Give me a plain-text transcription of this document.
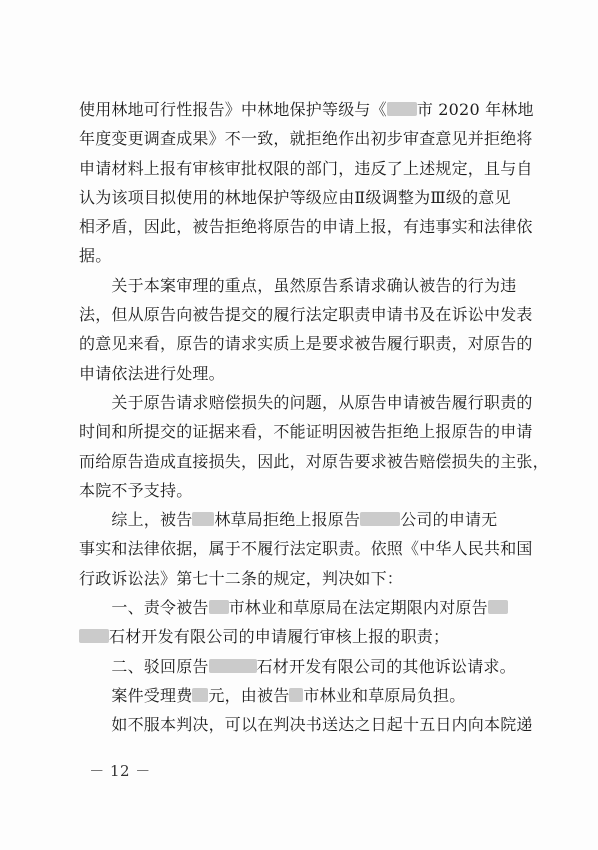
使用林地可行性报告》中林地保护等级与《 市 2020 年林地
年度变更调查成果》不一致，就拒绝作出初步审查意见并拒绝将
申请材料上报有审核审批权限的部门，违反了上述规定，且与自
认为该项目拟使用的林地保护等级应由Ⅱ级调整为Ⅲ级的意见
相矛盾，因此，被告拒绝将原告的申请上报，有违事实和法律依
据。
　　关于本案审理的重点，虽然原告系请求确认被告的行为违
法，但从原告向被告提交的履行法定职责申请书及在诉讼中发表
的意见来看，原告的请求实质上是要求被告履行职责，对原告的
申请依法进行处理。
　　关于原告请求赔偿损失的问题，从原告申请被告履行职责的
时间和所提交的证据来看，不能证明因被告拒绝上报原告的申请
而给原告造成直接损失，因此，对原告要求被告赔偿损失的主张，
本院不予支持。
　　综上，被告 林草局拒绝上报原告	公司的申请无
事实和法律依据，属于不履行法定职责。依照《中华人民共和国
行政诉讼法》第七十二条的规定，判决如下：
　　一、责令被告 市林业和草原局在法定期限内对原告
石材开发有限公司的申请履行审核上报的职责；
　　二、驳回原告	石材开发有限公司的其他诉讼请求。
　　案件受理费 元，由被告 市林业和草原局负担。
　　如不服本判决，可以在判决书送达之日起十五日内向本院递
－ 12 －
